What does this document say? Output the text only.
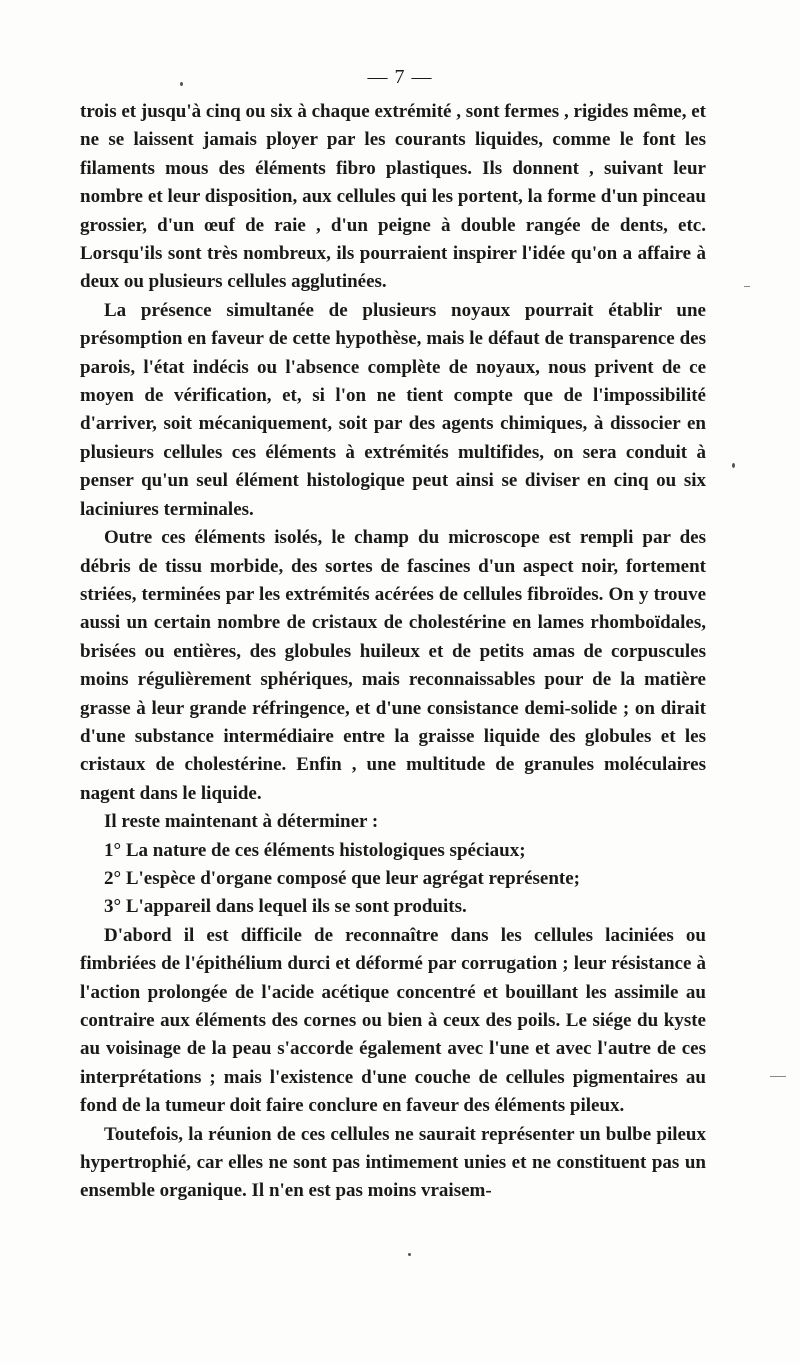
— 7 —

trois et jusqu'à cinq ou six à chaque extrémité , sont fermes , rigides même, et ne se laissent jamais ployer par les courants liquides, comme le font les filaments mous des éléments fibro plastiques. Ils donnent , suivant leur nombre et leur disposition, aux cellules qui les portent, la forme d'un pinceau grossier, d'un œuf de raie , d'un peigne à double rangée de dents, etc. Lorsqu'ils sont très nombreux, ils pourraient inspirer l'idée qu'on a affaire à deux ou plusieurs cellules agglutinées.

La présence simultanée de plusieurs noyaux pourrait établir une présomption en faveur de cette hypothèse, mais le défaut de transparence des parois, l'état indécis ou l'absence complète de noyaux, nous privent de ce moyen de vérification, et, si l'on ne tient compte que de l'impossibilité d'arriver, soit mécaniquement, soit par des agents chimiques, à dissocier en plusieurs cellules ces éléments à extrémités multifides, on sera conduit à penser qu'un seul élément histologique peut ainsi se diviser en cinq ou six laciniures terminales.

Outre ces éléments isolés, le champ du microscope est rempli par des débris de tissu morbide, des sortes de fascines d'un aspect noir, fortement striées, terminées par les extrémités acérées de cellules fibroïdes. On y trouve aussi un certain nombre de cristaux de cholestérine en lames rhomboïdales, brisées ou entières, des globules huileux et de petits amas de corpuscules moins régulièrement sphériques, mais reconnaissables pour de la matière grasse à leur grande réfringence, et d'une consistance demi-solide ; on dirait d'une substance intermédiaire entre la graisse liquide des globules et les cristaux de cholestérine. Enfin , une multitude de granules moléculaires nagent dans le liquide.

Il reste maintenant à déterminer :

1° La nature de ces éléments histologiques spéciaux;

2° L'espèce d'organe composé que leur agrégat représente;

3° L'appareil dans lequel ils se sont produits.

D'abord il est difficile de reconnaître dans les cellules laciniées ou fimbriées de l'épithélium durci et déformé par corrugation ; leur résistance à l'action prolongée de l'acide acétique concentré et bouillant les assimile au contraire aux éléments des cornes ou bien à ceux des poils. Le siége du kyste au voisinage de la peau s'accorde également avec l'une et avec l'autre de ces interprétations ; mais l'existence d'une couche de cellules pigmentaires au fond de la tumeur doit faire conclure en faveur des éléments pileux.

Toutefois, la réunion de ces cellules ne saurait représenter un bulbe pileux hypertrophié, car elles ne sont pas intimement unies et ne constituent pas un ensemble organique. Il n'en est pas moins vraisem-
